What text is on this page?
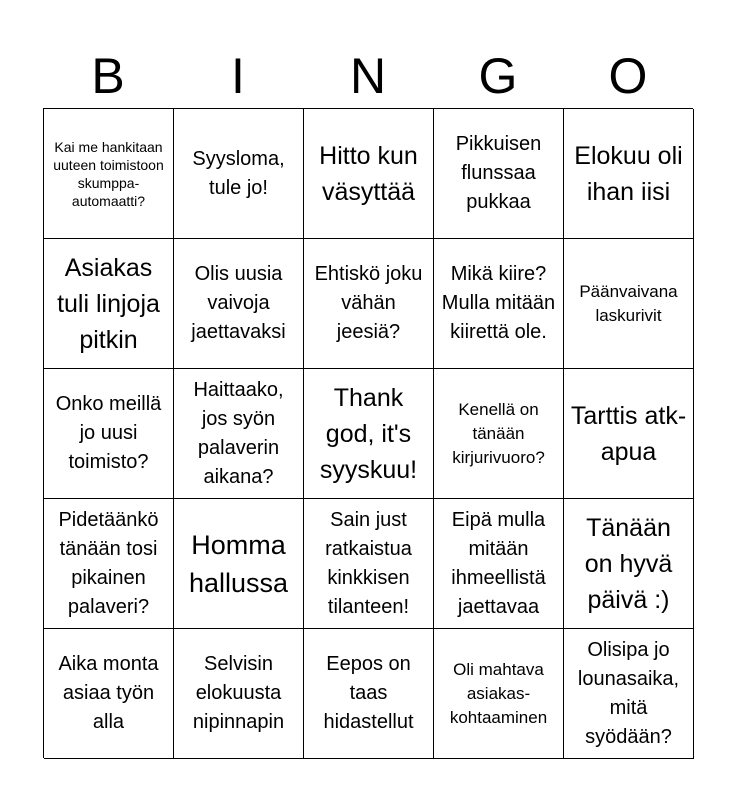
B	I	N	G	O
Kai me hankitaan uuteen toimistoon skumppa-automaatti?
Syysloma, tule jo!
Hitto kun väsyttää
Pikkuisen flunssaa pukkaa
Elokuu oli ihan iisi
Asiakas tuli linjoja pitkin
Olis uusia vaivoja jaettavaksi
Ehtiskö joku vähän jeesiä?
Mikä kiire? Mulla mitään kiirettä ole.
Päänvaivana laskurivit
Onko meillä jo uusi toimisto?
Haittaako, jos syön palaverin aikana?
Thank god, it's syyskuu!
Kenellä on tänään kirjurivuoro?
Tarttis atk-apua
Pidetäänkö tänään tosi pikainen palaveri?
Homma hallussa
Sain just ratkaistua kinkkisen tilanteen!
Eipä mulla mitään ihmeellistä jaettavaa
Tänään on hyvä päivä :)
Aika monta asiaa työn alla
Selvisin elokuusta nipinnapin
Eepos on taas hidastellut
Oli mahtava asiakas-kohtaaminen
Olisipa jo lounasaika, mitä syödään?
